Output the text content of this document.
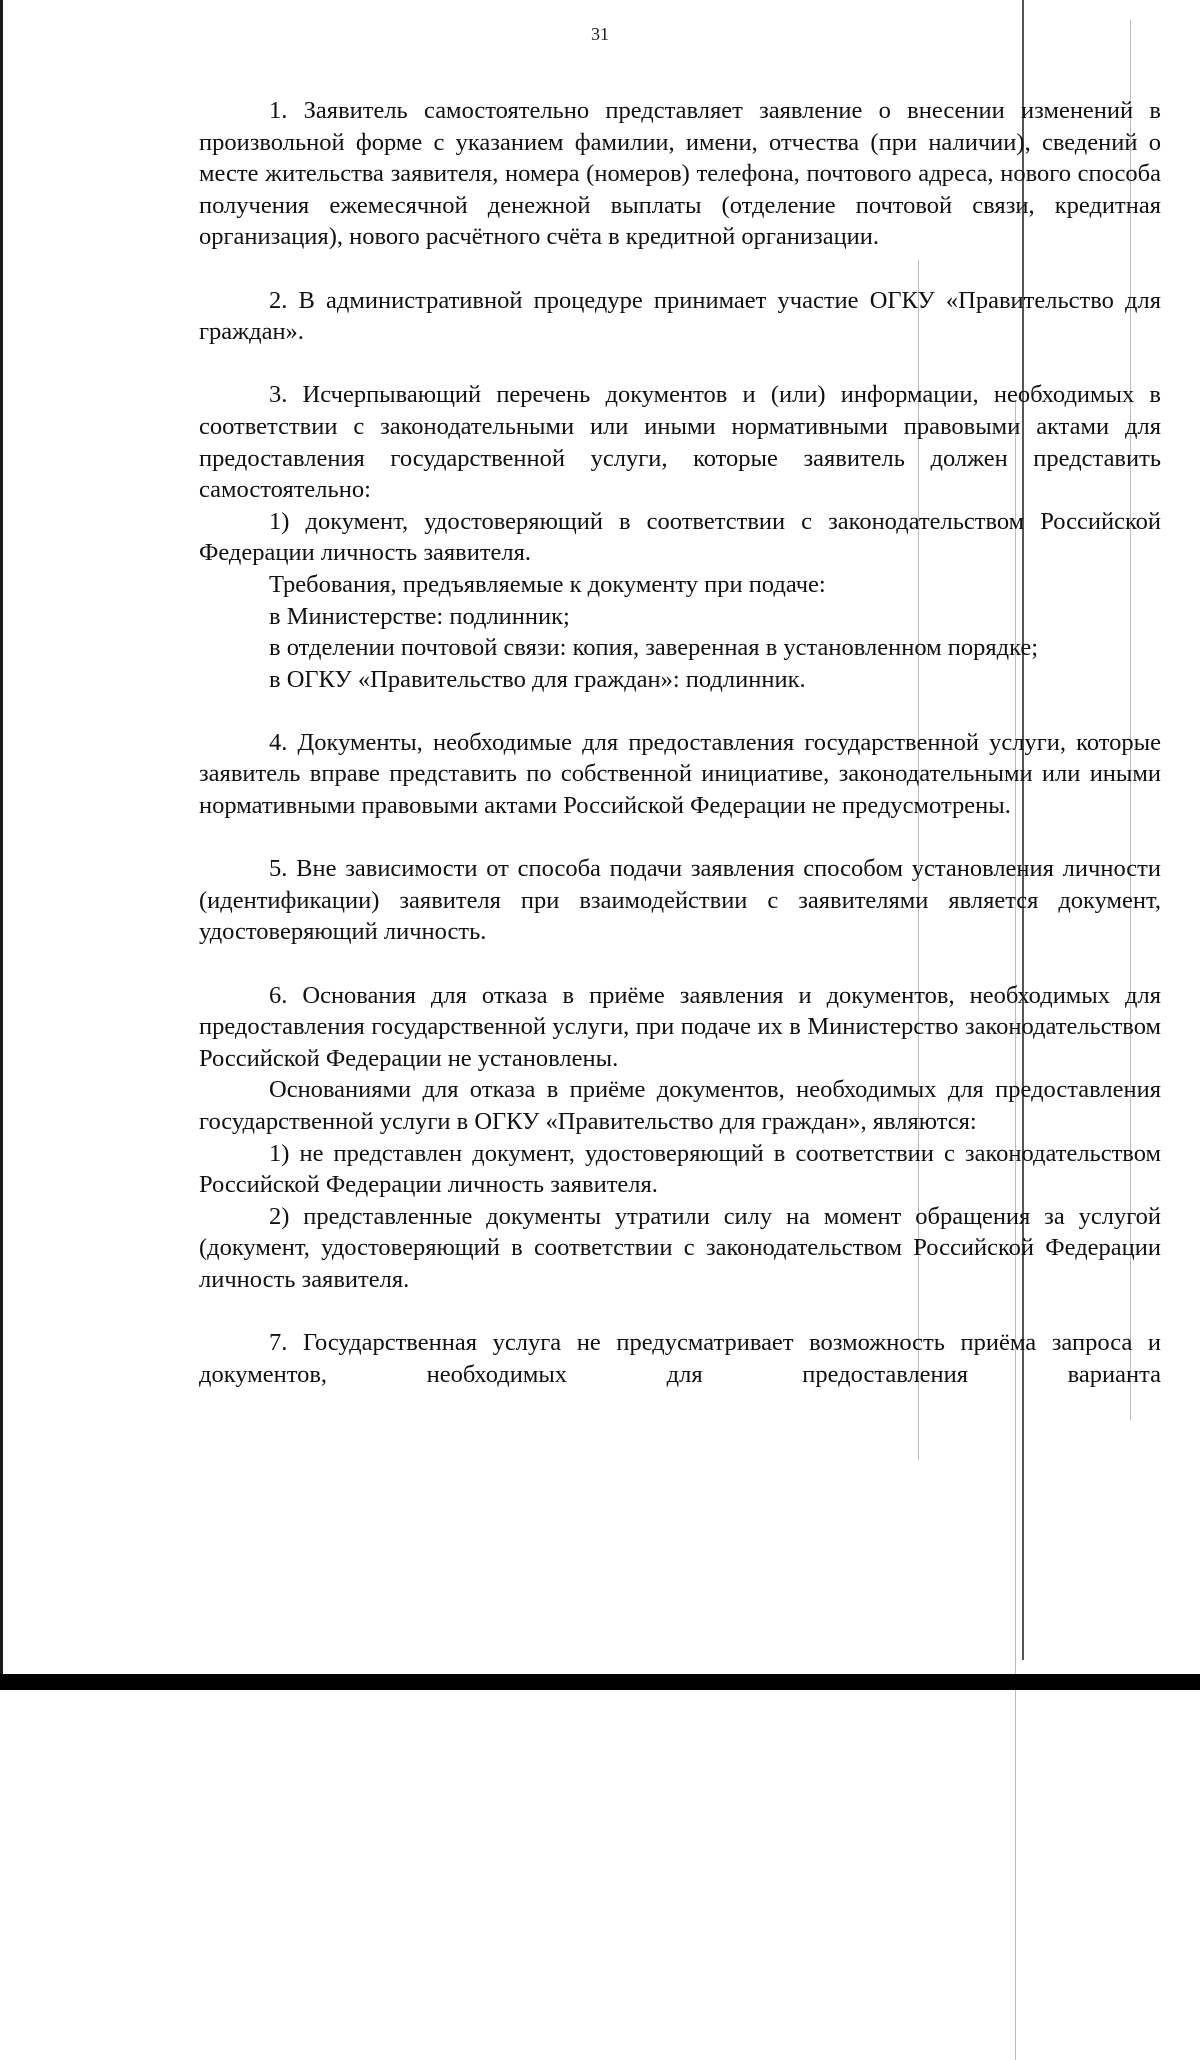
31

1. Заявитель самостоятельно представляет заявление о внесении изменений в произвольной форме с указанием фамилии, имени, отчества (при наличии), сведений о месте жительства заявителя, номера (номеров) телефона, почтового адреса, нового способа получения ежемесячной денежной выплаты (отделение почтовой связи, кредитная организация), нового расчётного счёта в кредитной организации.

2. В административной процедуре принимает участие ОГКУ «Правительство для граждан».

3. Исчерпывающий перечень документов и (или) информации, необходимых в соответствии с законодательными или иными нормативными правовыми актами для предоставления государственной услуги, которые заявитель должен представить самостоятельно:

1) документ, удостоверяющий в соответствии с законодательством Российской Федерации личность заявителя.

Требования, предъявляемые к документу при подаче:

в Министерстве: подлинник;

в отделении почтовой связи: копия, заверенная в установленном порядке;

в ОГКУ «Правительство для граждан»: подлинник.

4. Документы, необходимые для предоставления государственной услуги, которые заявитель вправе представить по собственной инициативе, законодательными или иными нормативными правовыми актами Российской Федерации не предусмотрены.

5. Вне зависимости от способа подачи заявления способом установления личности (идентификации) заявителя при взаимодействии с заявителями является документ, удостоверяющий личность.

6. Основания для отказа в приёме заявления и документов, необходимых для предоставления государственной услуги, при подаче их в Министерство законодательством Российской Федерации не установлены.

Основаниями для отказа в приёме документов, необходимых для предоставления государственной услуги в ОГКУ «Правительство для граждан», являются:

1) не представлен документ, удостоверяющий в соответствии с законодательством Российской Федерации личность заявителя.

2) представленные документы утратили силу на момент обращения за услугой (документ, удостоверяющий в соответствии с законодательством Российской Федерации личность заявителя.

7. Государственная услуга не предусматривает возможность приёма запроса и документов, необходимых для предоставления варианта
